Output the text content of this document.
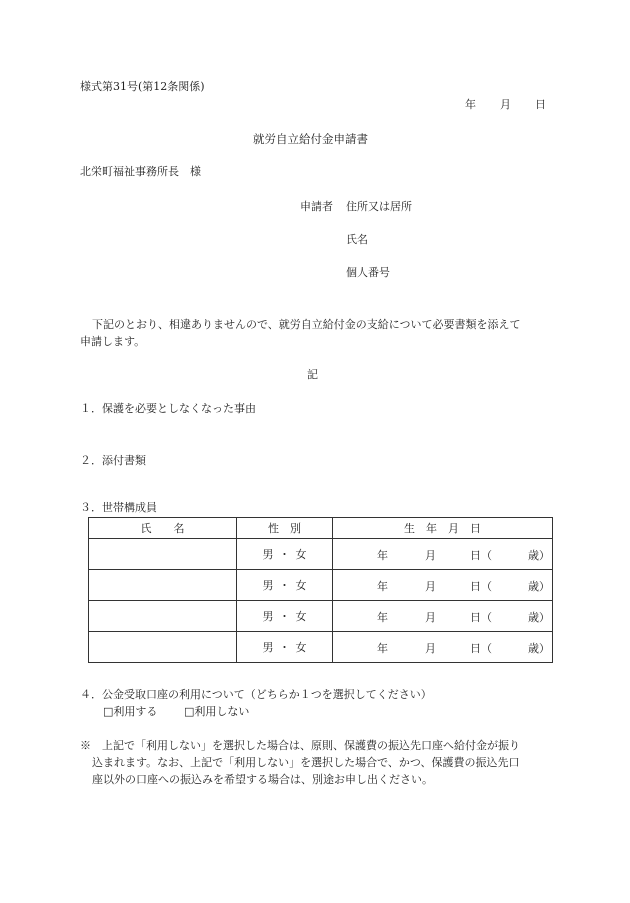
様式第31号(第12条関係)
年 月 日
就労自立給付金申請書
北栄町福祉事務所長　様
申請者 住所又は居所
氏名
個人番号
下記のとおり、相違ありませんので、就労自立給付金の支給について必要書類を添えて
申請します。
記
１．保護を必要としなくなった事由
２．添付書類
３．世帯構成員
氏　　名	性　別	生　年　月　日
	男 ・ 女	年 月 日（ 歳）

	男 ・ 女	年 月 日（ 歳）

	男 ・ 女	年 月 日（ 歳）

	男 ・ 女	年 月 日（ 歳）
４．公金受取口座の利用について（どちらか１つを選択してください）
□利用する □利用しない
※　上記で「利用しない」を選択した場合は、原則、保護費の振込先口座へ給付金が振り
込まれます。なお、上記で「利用しない」を選択した場合で、かつ、保護費の振込先口
座以外の口座への振込みを希望する場合は、別途お申し出ください。
